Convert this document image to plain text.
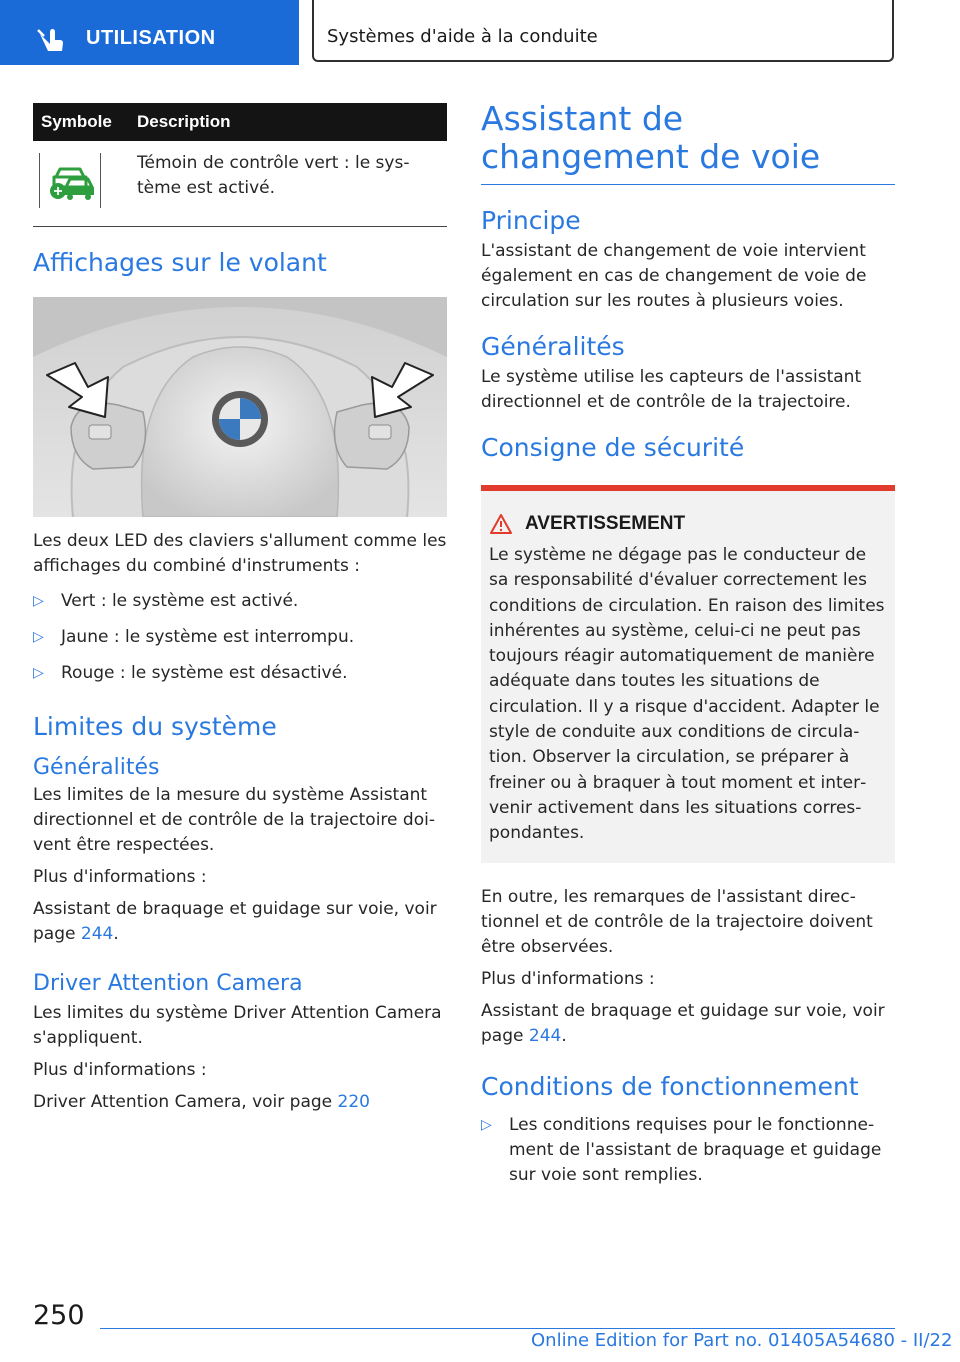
UTILISATION	Systèmes d'aide à la conduite
Symbole	Description

	Témoin de contrôle vert : le système est activé.
Affichages sur le volant

Les deux LED des claviers s'allument comme les affichages du combiné d'instruments :

▷ Vert : le système est activé.
▷ Jaune : le système est interrompu.
▷ Rouge : le système est désactivé.
Limites du système
Généralités

Les limites de la mesure du système Assistant directionnel et de contrôle de la trajectoire doivent être respectées.

Plus d'informations :

Assistant de braquage et guidage sur voie, voir page 244.

Driver Attention Camera

Les limites du système Driver Attention Camera s'appliquent.

Plus d'informations :

Driver Attention Camera, voir page 220

Assistant de changement de voie
Principe

L'assistant de changement de voie intervient également en cas de changement de voie de circulation sur les routes à plusieurs voies.

Généralités

Le système utilise les capteurs de l'assistant directionnel et de contrôle de la trajectoire.

Consigne de sécurité
AVERTISSEMENT

Le système ne dégage pas le conducteur de sa responsabilité d'évaluer correctement les conditions de circulation. En raison des limites inhérentes au système, celui-ci ne peut pas toujours réagir automatiquement de manière adéquate dans toutes les situations de circulation. Il y a risque d'accident. Adapter le style de conduite aux conditions de circulation. Observer la circulation, se préparer à freiner ou à braquer à tout moment et intervenir activement dans les situations correspondantes.

En outre, les remarques de l'assistant directionnel et de contrôle de la trajectoire doivent être observées.

Plus d'informations :

Assistant de braquage et guidage sur voie, voir page 244.

Conditions de fonctionnement
▷ Les conditions requises pour le fonctionnement de l'assistant de braquage et guidage sur voie sont remplies.
250
Online Edition for Part no. 01405A54680 - II/22
